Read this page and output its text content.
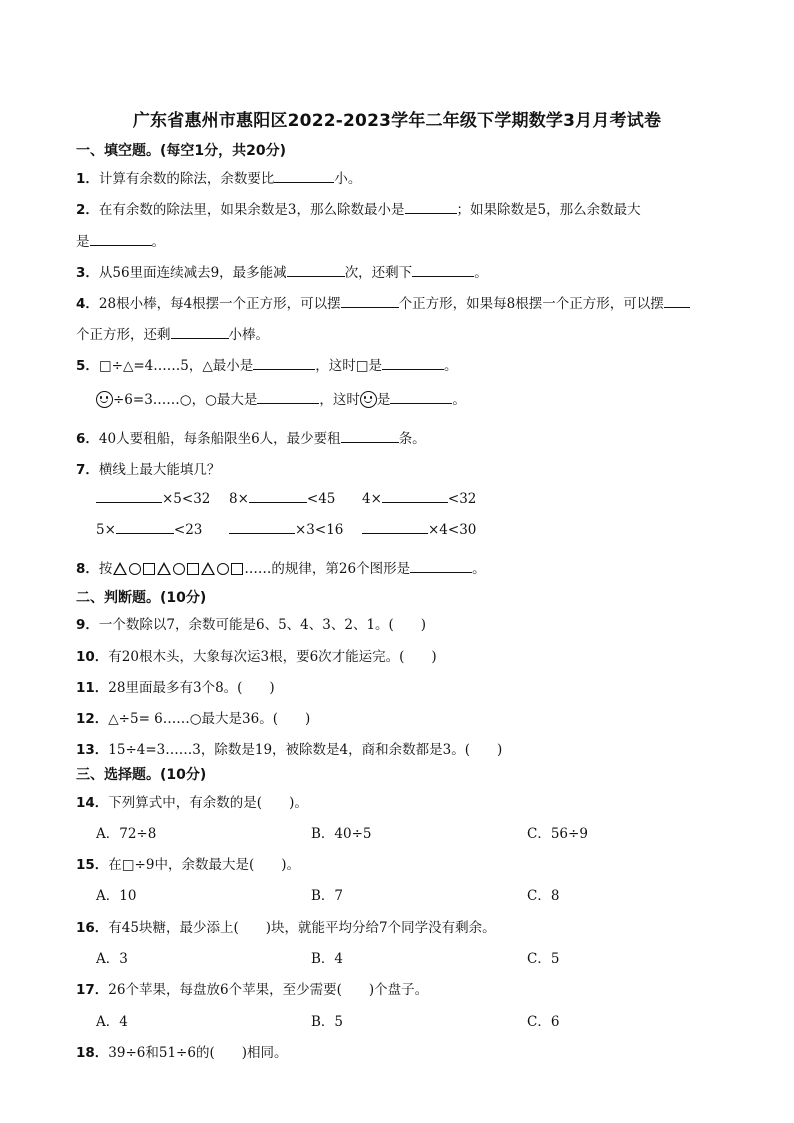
广东省惠州市惠阳区2022-2023学年二年级下学期数学3月月考试卷
一、填空题。(每空1分，共20分)
1．计算有余数的除法，余数要比	小。
2．在有余数的除法里，如果余数是3，那么除数最小是	；如果除数是5，那么余数最大
是	。
3．从56里面连续减去9，最多能减	次，还剩下	。
4．28根小棒，每4根摆一个正方形，可以摆	个正方形，如果每8根摆一个正方形，可以摆
个正方形，还剩	小棒。
5．□÷△=4……5，△最小是	，这时□是	。
÷6=3……○，○最大是	，这时 是	。
6．40人要租船，每条船限坐6人，最少要租	条。
7．横线上最大能填几？
×5<32 8×	<45 4×	<32
5×	<23	×3<16	×4<30
8．按	……的规律，第26个图形是	。
二、判断题。(10分)
9．一个数除以7，余数可能是6、5、4、3、2、1。(　　)
10．有20根木头，大象每次运3根，要6次才能运完。(　　)
11．28里面最多有3个8。(　　)
12．△÷5= 6……○最大是36。(　　)
13．15÷4=3……3，除数是19，被除数是4，商和余数都是3。(　　)
三、选择题。(10分)
14．下列算式中，有余数的是(　　)。
A．72÷8	B．40÷5	C．56÷9
15．在□÷9中，余数最大是(　　)。
A．10	B．7	C．8
16．有45块糖，最少添上(　　)块，就能平均分给7个同学没有剩余。
A．3	B．4	C．5
17．26个苹果，每盘放6个苹果，至少需要(　　)个盘子。
A．4	B．5	C．6
18．39÷6和51÷6的(　　)相同。
